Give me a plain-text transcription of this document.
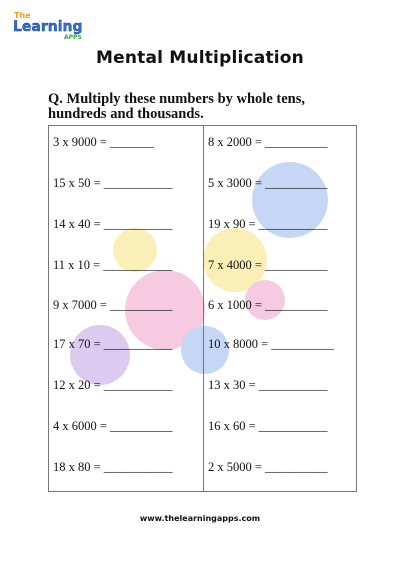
The
Learning
APPS
Mental Multiplication
Q. Multiply these numbers by whole tens, hundreds and thousands.
3 x 9000 = _______
15 x 50 = ___________
14 x 40 = ___________
11 x 10 = ___________
9 x 7000 = __________
17 x 70 = ___________
12 x 20 = ___________
4 x 6000 = __________
18 x 80 = ___________
8 x 2000 = __________
5 x 3000 = __________
19 x 90 = ___________
7 x 4000 = __________
6 x 1000 = __________
10 x 8000 = __________
13 x 30 = ___________
16 x 60 = ___________
2 x 5000 = __________
www.thelearningapps.com
